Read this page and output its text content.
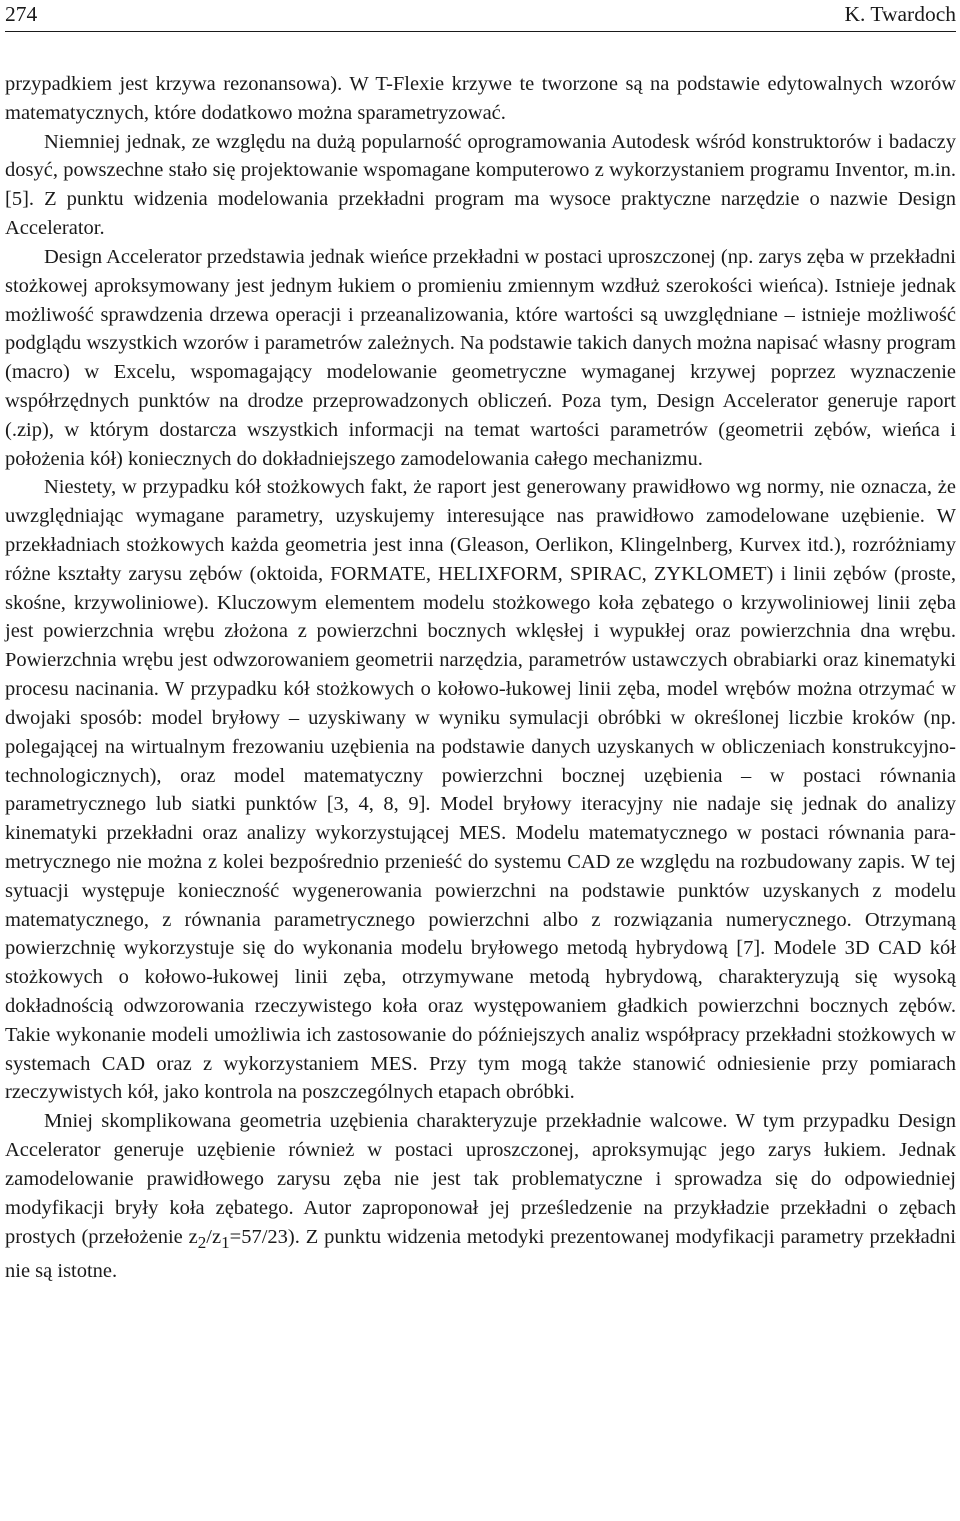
274	K. Twardoch

przypadkiem jest krzywa rezonansowa). W T-Flexie krzywe te tworzone są na podstawie edytowalnych wzorów matematycznych, które dodatkowo można sparametryzować.

Niemniej jednak, ze względu na dużą popularność oprogramowania Autodesk wśród konstruktorów i badaczy dosyć, powszechne stało się projektowanie wspomagane komputerowo z wykorzystaniem programu Inventor, m.in. [5]. Z punktu widzenia modelowania przekładni program ma wysoce praktyczne narzędzie o nazwie Design Accelerator.

Design Accelerator przedstawia jednak wieńce przekładni w postaci uproszczonej (np. zarys zęba w przekładni stożkowej aproksymowany jest jednym łukiem o promieniu zmiennym wzdłuż szerokości wieńca). Istnieje jednak możliwość sprawdzenia drzewa operacji i przeanalizowania, które wartości są uwzględniane – istnieje możliwość podglądu wszystkich wzorów i parametrów zależnych. Na podstawie takich danych można napisać własny program (macro) w Excelu, wspomagający modelowanie geometryczne wymaganej krzywej poprzez wyznaczenie współrzędnych punktów na drodze przeprowadzonych obliczeń. Poza tym, Design Accelerator generuje raport (.zip), w którym dostarcza wszystkich informacji na temat wartości parametrów (geometrii zębów, wieńca i położenia kół) koniecznych do dokładniejszego zamodelowania całego mechanizmu.

Niestety, w przypadku kół stożkowych fakt, że raport jest generowany prawidłowo wg normy, nie oznacza, że uwzględniając wymagane parametry, uzyskujemy interesujące nas prawidłowo zamodelowane uzębienie. W przekładniach stożkowych każda geometria jest inna (Gleason, Oerlikon, Klingelnberg, Kurvex itd.), rozróżniamy różne kształty zarysu zębów (oktoida, FORMATE, HELIXFORM, SPIRAC, ZYKLOMET) i linii zębów (proste, skośne, krzywoliniowe). Kluczowym elementem modelu stożkowego koła zębatego o krzywoliniowej linii zęba jest powierzchnia wrębu złożona z powierzchni bocznych wklęsłej i wypukłej oraz powierzchnia dna wrębu. Powierzchnia wrębu jest odwzorowaniem geometrii narzędzia, parametrów ustawczych obrabiarki oraz kinematyki procesu nacinania. W przypadku kół stożkowych o kołowo-łukowej linii zęba, model wrębów można otrzymać w dwojaki sposób: model bryłowy – uzyskiwany w wyniku symulacji obróbki w określonej liczbie kroków (np. polegającej na wirtualnym frezowaniu uzębienia na podstawie danych uzyskanych w obliczeniach konstrukcyjno-technologicznych), oraz model matematyczny powierzchni bocznej uzębienia – w postaci równania parametrycznego lub siatki punktów [3, 4, 8, 9]. Model bryłowy iteracyjny nie nadaje się jednak do analizy kinematyki przekładni oraz analizy wykorzystującej MES. Modelu matematycznego w postaci równania parametrycznego nie można z kolei bezpośrednio przenieść do systemu CAD ze względu na rozbudowany zapis. W tej sytuacji występuje konieczność wygenerowania powierzchni na podstawie punktów uzyskanych z modelu matematycznego, z równania parametrycznego powierzchni albo z rozwiązania numerycznego. Otrzymaną powierzchnię wykorzystuje się do wykonania modelu bryłowego metodą hybrydową [7]. Modele 3D CAD kół stożkowych o kołowo-łukowej linii zęba, otrzymywane metodą hybrydową, charakteryzują się wysoką dokładnością odwzorowania rzeczywistego koła oraz występowaniem gładkich powierzchni bocznych zębów. Takie wykonanie modeli umożliwia ich zastosowanie do późniejszych analiz współpracy przekładni stożkowych w systemach CAD oraz z wykorzystaniem MES. Przy tym mogą także stanowić odniesienie przy pomiarach rzeczywistych kół, jako kontrola na poszczególnych etapach obróbki.

Mniej skomplikowana geometria uzębienia charakteryzuje przekładnie walcowe. W tym przypadku Design Accelerator generuje uzębienie również w postaci uproszczonej, aproksymując jego zarys łukiem. Jednak zamodelowanie prawidłowego zarysu zęba nie jest tak problematyczne i sprowadza się do odpowiedniej modyfikacji bryły koła zębatego. Autor zaproponował jej prześledzenie na przykładzie przekładni o zębach prostych (przełożenie $z_2/z_1=57/23$). Z punktu widzenia metodyki prezentowanej modyfikacji parametry przekładni nie są istotne.
